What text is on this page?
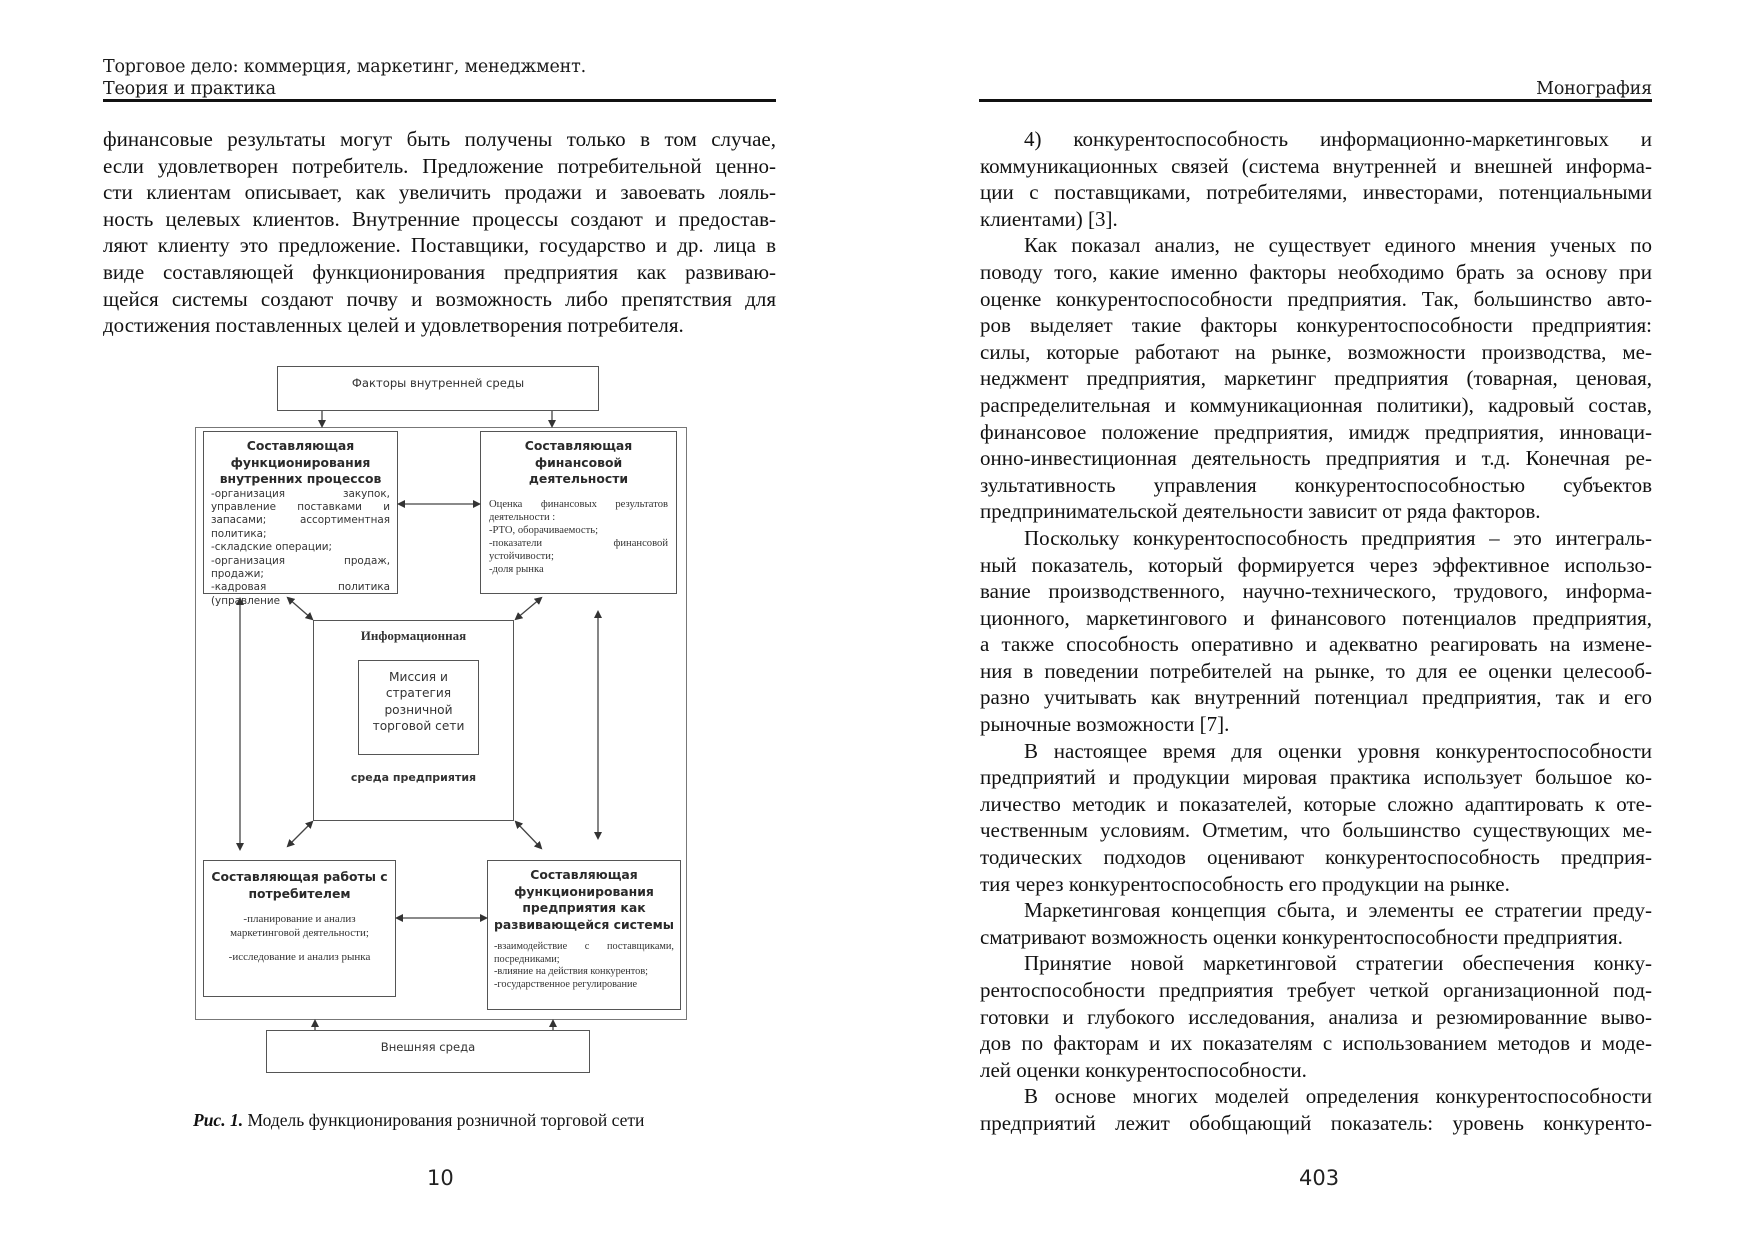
Торговое дело: коммерция, маркетинг, менеджмент.
Теория и практика
финансовые результаты могут быть получены только в том случае,
если удовлетворен потребитель. Предложение потребительной ценно-
сти клиентам описывает, как увеличить продажи и завоевать лояль-
ность целевых клиентов. Внутренние процессы создают и предостав-
ляют клиенту это предложение. Поставщики, государство и др. лица в
виде составляющей функционирования предприятия как развиваю-
щейся системы создают почву и возможность либо препятствия для
достижения поставленных целей и удовлетворения потребителя.
Факторы внутренней среды
Составляющая
функционирования
внутренних процессов
-организация закупок,
управление поставками и
запасами; ассортиментная
политика;
-складские операции;
-организация продаж, продажи;
-кадровая политика (управление
Составляющая финансовой
деятельности
Оценка финансовых результатов
деятельности :
-РТО, оборачиваемость;
-показатели финансовой
устойчивости;
-доля рынка
Информационная
Миссия и
стратегия
розничной
торговой сети
среда предприятия
Составляющая работы с
потребителем
-планирование и анализ
маркетинговой деятельности;
-исследование и анализ рынка
Составляющая
функционирования
предприятия как
развивающейся системы
-взаимодействие с поставщиками,
посредниками;
-влияние на действия конкурентов;
-государственное регулирование
Внешняя среда
Рис. 1. Модель функционирования розничной торговой сети
10
Монография
4) конкурентоспособность информационно-маркетинговых и
коммуникационных связей (система внутренней и внешней информа-
ции с поставщиками, потребителями, инвесторами, потенциальными
клиентами) [3].
Как показал анализ, не существует единого мнения ученых по
поводу того, какие именно факторы необходимо брать за основу при
оценке конкурентоспособности предприятия. Так, большинство авто-
ров выделяет такие факторы конкурентоспособности предприятия:
силы, которые работают на рынке, возможности производства, ме-
неджмент предприятия, маркетинг предприятия (товарная, ценовая,
распределительная и коммуникационная политики), кадровый состав,
финансовое положение предприятия, имидж предприятия, инноваци-
онно-инвестиционная деятельность предприятия и т.д. Конечная ре-
зультативность управления конкурентоспособностью субъектов
предпринимательской деятельности зависит от ряда факторов.
Поскольку конкурентоспособность предприятия – это интеграль-
ный показатель, который формируется через эффективное использо-
вание производственного, научно-технического, трудового, информа-
ционного, маркетингового и финансового потенциалов предприятия,
а также способность оперативно и адекватно реагировать на измене-
ния в поведении потребителей на рынке, то для ее оценки целесооб-
разно учитывать как внутренний потенциал предприятия, так и его
рыночные возможности [7].
В настоящее время для оценки уровня конкурентоспособности
предприятий и продукции мировая практика использует большое ко-
личество методик и показателей, которые сложно адаптировать к оте-
чественным условиям. Отметим, что большинство существующих ме-
тодических подходов оценивают конкурентоспособность предприя-
тия через конкурентоспособность его продукции на рынке.
Маркетинговая концепция сбыта, и элементы ее стратегии преду-
сматривают возможность оценки конкурентоспособности предприятия.
Принятие новой маркетинговой стратегии обеспечения конку-
рентоспособности предприятия требует четкой организационной под-
готовки и глубокого исследования, анализа и резюмированние выво-
дов по факторам и их показателям с использованием методов и моде-
лей оценки конкурентоспособности.
В основе многих моделей определения конкурентоспособности
предприятий лежит обобщающий показатель: уровень конкуренто-
403
